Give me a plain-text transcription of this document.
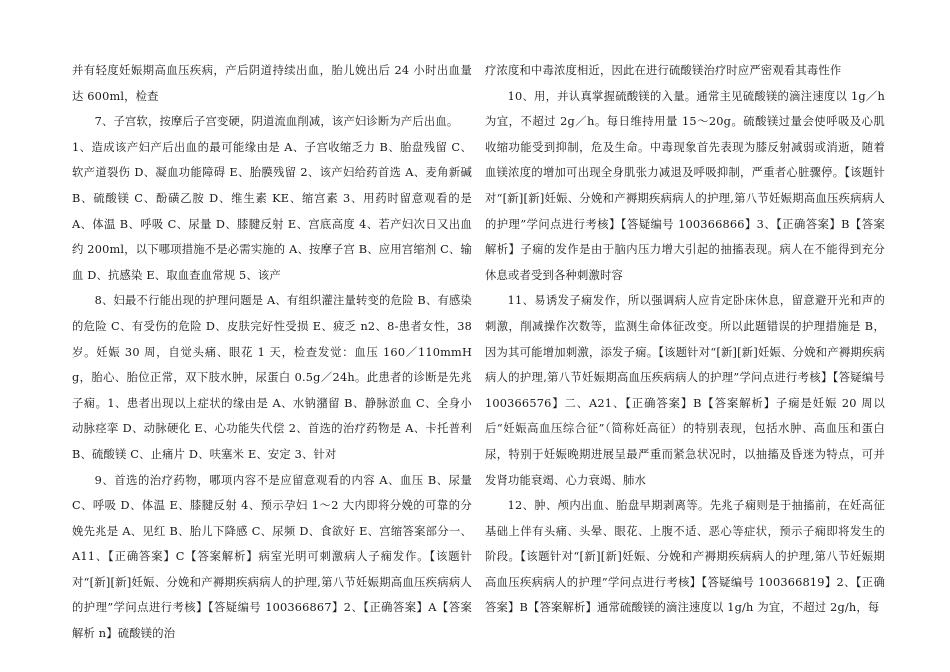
并有轻度妊娠期高血压疾病，产后阴道持续出血，胎儿娩出后 24 小时出血量达 600ml，检查

7、子宫软，按摩后子宫变硬，阴道流血削减，该产妇诊断为产后出血。

1、造成该产妇产后出血的最可能缘由是 A、子宫收缩乏力 B、胎盘残留 C、软产道裂伤 D、凝血功能障碍 E、胎膜残留 2、该产妇给药首选 A、麦角新碱 B、硫酸镁 C、酚磺乙胺 D、维生素 KE、缩宫素 3、用药时留意观看的是 A、体温 B、呼吸 C、尿量 D、膝腱反射 E、宫底高度 4、若产妇次日又出血约 200ml，以下哪项措施不是必需实施的 A、按摩子宫 B、应用宫缩剂 C、输血 D、抗感染 E、取血查血常规 5、该产

8、妇最不行能出现的护理问题是 A、有组织灌注量转变的危险 B、有感染的危险 C、有受伤的危险 D、皮肤完好性受损 E、疲乏 n2、8-患者女性，38 岁。妊娠 30 周，自觉头痛、眼花 1 天，检查发觉：血压 160／110mmHg，胎心、胎位正常，双下肢水肿，尿蛋白 0.5g／24h。此患者的诊断是先兆子痫。1、患者出现以上症状的缘由是 A、水钠潴留 B、静脉淤血 C、全身小动脉痉挛 D、动脉硬化 E、心功能失代偿 2、首选的治疗药物是 A、卡托普利 B、硫酸镁 C、止痛片 D、呋塞米 E、安定 3、针对

9、首选的治疗药物，哪项内容不是应留意观看的内容 A、血压 B、尿量 C、呼吸 D、体温 E、膝腱反射 4、预示孕妇 1～2 大内即将分娩的可靠的分娩先兆是 A、见红 B、胎儿下降感 C、尿频 D、食欲好 E、宫缩答案部分一、A11、【正确答案】C【答案解析】病室光明可刺激病人子痫发作。【该题针对“[新][新]妊娠、分娩和产褥期疾病病人的护理,第八节妊娠期高血压疾病病人的护理”学问点进行考核】【答疑编号 100366867】2、【正确答案】A【答案解析 n】硫酸镁的治

疗浓度和中毒浓度相近，因此在进行硫酸镁治疗时应严密观看其毒性作

10、用，并认真掌握硫酸镁的入量。通常主见硫酸镁的滴注速度以 1g／h 为宜，不超过 2g／h。每日维持用量 15～20g。硫酸镁过量会使呼吸及心肌收缩功能受到抑制，危及生命。中毒现象首先表现为膝反射减弱或消逝，随着血镁浓度的增加可出现全身肌张力减退及呼吸抑制，严重者心脏骤停。【该题针对“[新][新]妊娠、分娩和产褥期疾病病人的护理,第八节妊娠期高血压疾病病人的护理”学问点进行考核】【答疑编号 100366866】3、【正确答案】B【答案解析】子痫的发作是由于脑内压力增大引起的抽搐表现。病人在不能得到充分休息或者受到各种刺激时容

11、易诱发子痫发作，所以强调病人应肯定卧床休息，留意避开光和声的刺激，削减操作次数等，监测生命体征改变。所以此题错误的护理措施是 B，因为其可能增加刺激，添发子痫。【该题针对“[新][新]妊娠、分娩和产褥期疾病病人的护理,第八节妊娠期高血压疾病病人的护理”学问点进行考核】【答疑编号 100366576】二、A21、【正确答案】B【答案解析】子痫是妊娠 20 周以后“妊娠高血压综合征”（简称妊高征）的特别表现，包括水肿、高血压和蛋白尿，特别于妊娠晚期进展呈最严重而紧急状况时，以抽搐及昏迷为特点，可并发肾功能衰竭、心力衰竭、肺水

12、肿、颅内出血、胎盘早期剥离等。先兆子痫则是于抽搐前，在妊高征基础上伴有头痛、头晕、眼花、上腹不适、恶心等症状，预示子痫即将发生的阶段。【该题针对“[新][新]妊娠、分娩和产褥期疾病病人的护理,第八节妊娠期高血压疾病病人的护理”学问点进行考核】【答疑编号 100366819】2、【正确答案】B【答案解析】通常硫酸镁的滴注速度以 1g/h 为宜，不超过 2g/h，每
